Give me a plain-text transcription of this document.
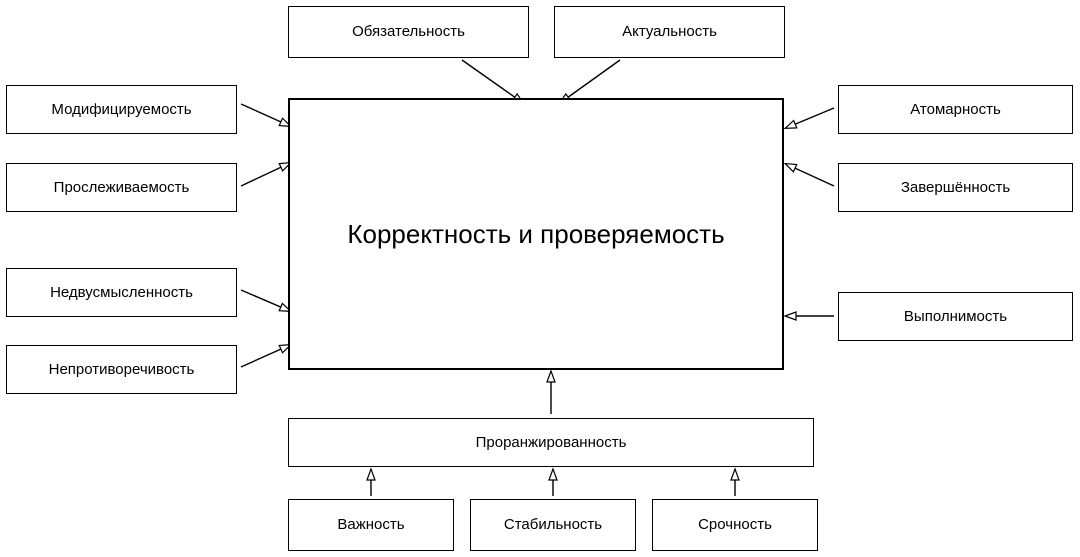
Корректность и проверяемость
Обязательность	Актуальность
Модифицируемость
Прослеживаемость
Недвусмысленность
Непротиворечивость
Атомарность
Завершённость
Выполнимость
Проранжированность
Важность	Стабильность	Срочность
